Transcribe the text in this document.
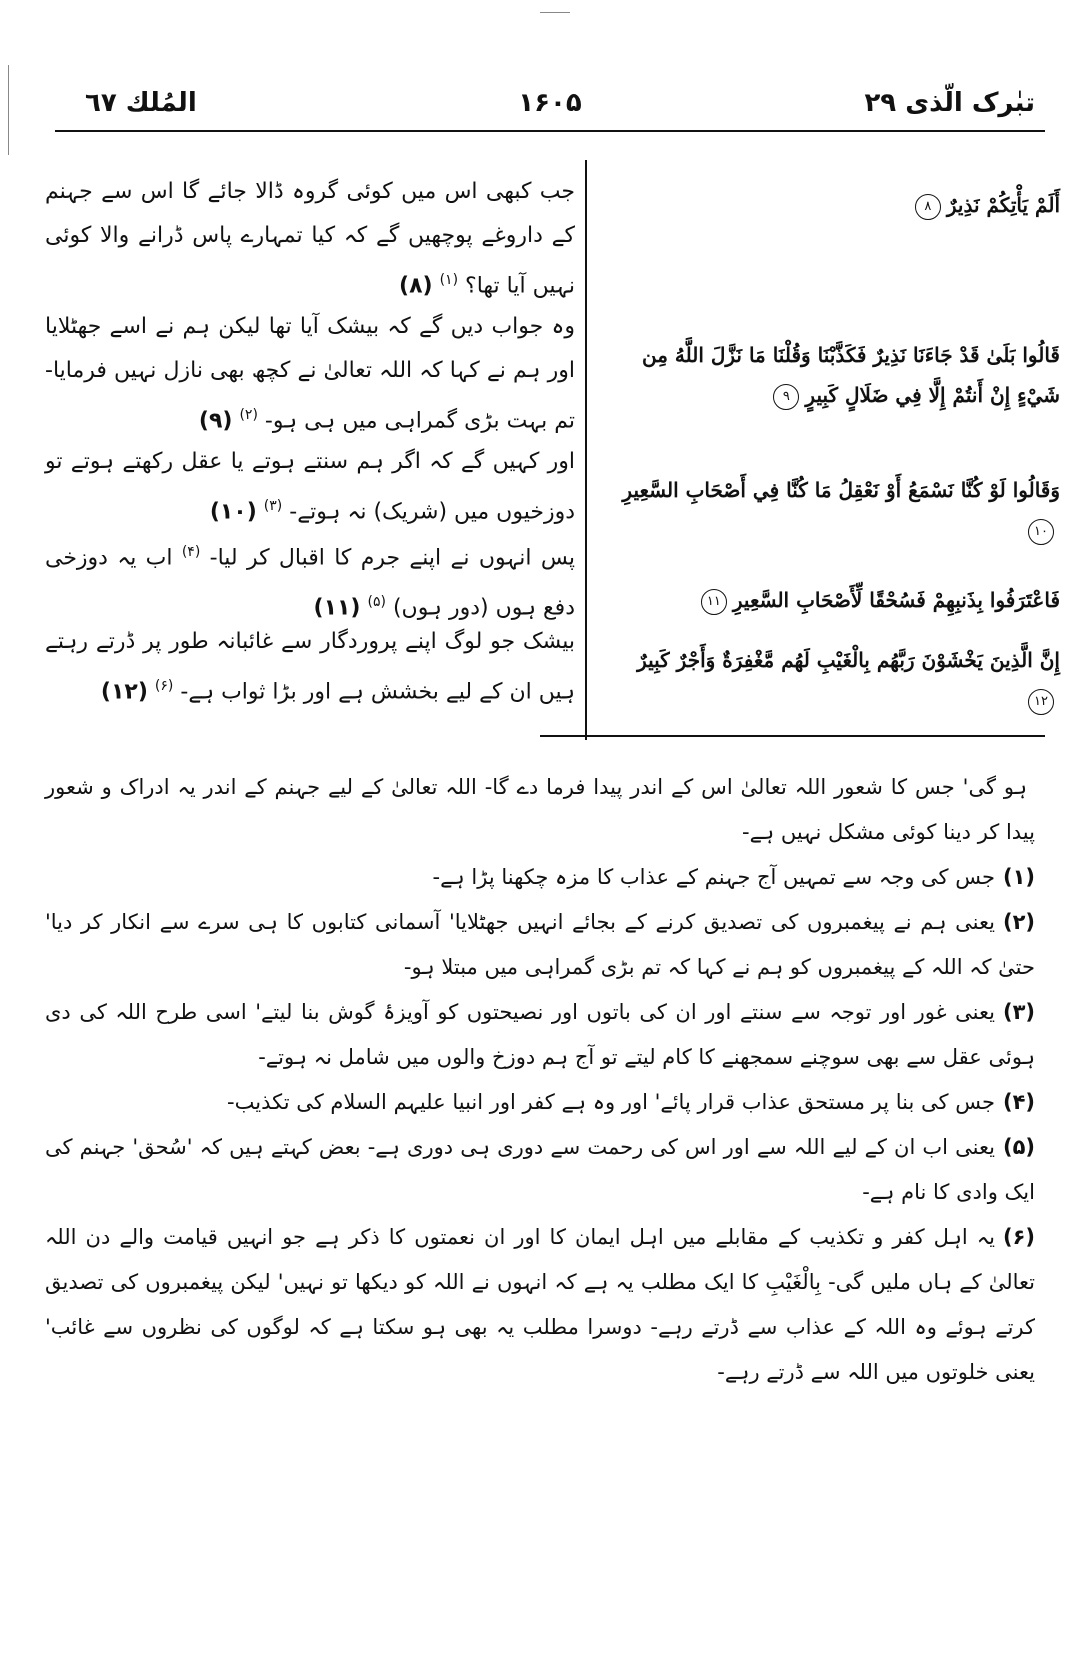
المُلك ٦٧	۱۶۰۵	تبٰرک الّذی ۲۹
أَلَمْ يَأْتِكُمْ نَذِيرٌ۸
قَالُوا بَلَىٰ قَدْ جَاءَنَا نَذِيرٌ فَكَذَّبْنَا وَقُلْنَا مَا نَزَّلَ اللَّهُ مِن شَيْءٍ إِنْ أَنتُمْ إِلَّا فِي ضَلَالٍ كَبِيرٍ۹
وَقَالُوا لَوْ كُنَّا نَسْمَعُ أَوْ نَعْقِلُ مَا كُنَّا فِي أَصْحَابِ السَّعِيرِ۱۰
فَاعْتَرَفُوا بِذَنبِهِمْ فَسُحْقًا لِّأَصْحَابِ السَّعِيرِ۱۱
إِنَّ الَّذِينَ يَخْشَوْنَ رَبَّهُم بِالْغَيْبِ لَهُم مَّغْفِرَةٌ وَأَجْرٌ كَبِيرٌ۱۲
جب کبھی اس میں کوئی گروہ ڈالا جائے گا اس سے جہنم کے داروغے پوچھیں گے کہ کیا تمہارے پاس ڈرانے والا کوئی نہیں آیا تھا؟ $^{(۱)}$ (۸)
وہ جواب دیں گے کہ بیشک آیا تھا لیکن ہم نے اسے جھٹلایا اور ہم نے کہا کہ اللہ تعالیٰ نے کچھ بھی نازل نہیں فرمایا- تم بہت بڑی گمراہی میں ہی ہو- $^{(۲)}$ (۹)
اور کہیں گے کہ اگر ہم سنتے ہوتے یا عقل رکھتے ہوتے تو دوزخیوں میں (شریک) نہ ہوتے- $^{(۳)}$ (۱۰)
پس انہوں نے اپنے جرم کا اقبال کر لیا- $^{(۴)}$ اب یہ دوزخی دفع ہوں (دور ہوں) $^{(۵)}$ (۱۱)
بیشک جو لوگ اپنے پروردگار سے غائبانہ طور پر ڈرتے رہتے ہیں ان کے لیے بخشش ہے اور بڑا ثواب ہے- $^{(۶)}$ (۱۲)

ہو گی' جس کا شعور اللہ تعالیٰ اس کے اندر پیدا فرما دے گا- اللہ تعالیٰ کے لیے جہنم کے اندر یہ ادراک و شعور پیدا کر دینا کوئی مشکل نہیں ہے-

(۱)جس کی وجہ سے تمہیں آج جہنم کے عذاب کا مزہ چکھنا پڑا ہے-

(۲)یعنی ہم نے پیغمبروں کی تصدیق کرنے کے بجائے انہیں جھٹلایا' آسمانی کتابوں کا ہی سرے سے انکار کر دیا' حتیٰ کہ اللہ کے پیغمبروں کو ہم نے کہا کہ تم بڑی گمراہی میں مبتلا ہو-

(۳)یعنی غور اور توجہ سے سنتے اور ان کی باتوں اور نصیحتوں کو آویزۂ گوش بنا لیتے' اسی طرح اللہ کی دی ہوئی عقل سے بھی سوچنے سمجھنے کا کام لیتے تو آج ہم دوزخ والوں میں شامل نہ ہوتے-

(۴)جس کی بنا پر مستحق عذاب قرار پائے' اور وہ ہے کفر اور انبیا علیہم السلام کی تکذیب-

(۵)یعنی اب ان کے لیے اللہ سے اور اس کی رحمت سے دوری ہی دوری ہے- بعض کہتے ہیں کہ 'سُحق' جہنم کی ایک وادی کا نام ہے-

(۶)یہ اہل کفر و تکذیب کے مقابلے میں اہل ایمان کا اور ان نعمتوں کا ذکر ہے جو انہیں قیامت والے دن اللہ تعالیٰ کے ہاں ملیں گی- بِالْغَيْبِ کا ایک مطلب یہ ہے کہ انہوں نے اللہ کو دیکھا تو نہیں' لیکن پیغمبروں کی تصدیق کرتے ہوئے وہ اللہ کے عذاب سے ڈرتے رہے- دوسرا مطلب یہ بھی ہو سکتا ہے کہ لوگوں کی نظروں سے غائب' یعنی خلوتوں میں اللہ سے ڈرتے رہے-
